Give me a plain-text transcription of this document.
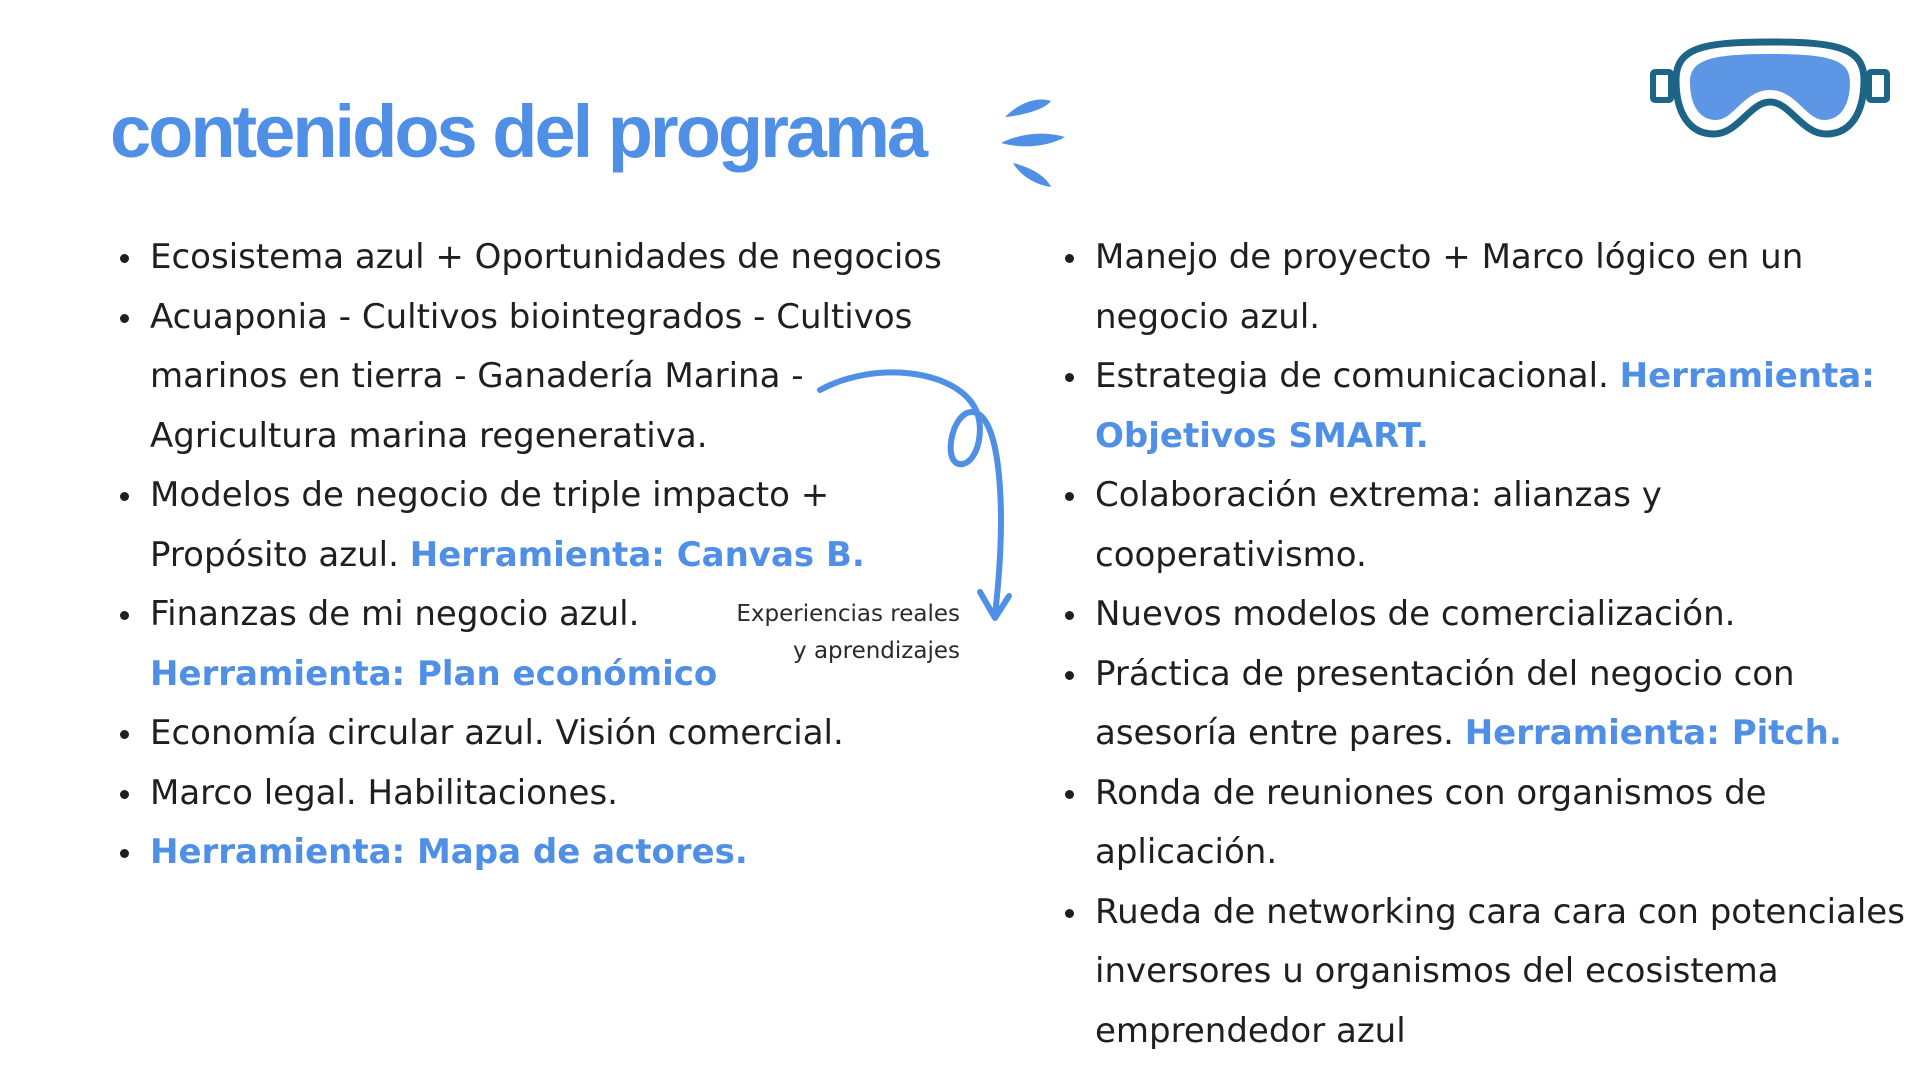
contenidos del programa
Ecosistema azul + Oportunidades de negocios
Acuaponia - Cultivos biointegrados - Cultivos marinos en tierra - Ganadería Marina - Agricultura marina regenerativa.
Modelos de negocio de triple impacto + Propósito azul. Herramienta: Canvas B.
Finanzas de mi negocio azul.
Herramienta: Plan económico
Economía circular azul. Visión comercial.
Marco legal. Habilitaciones.
Herramienta: Mapa de actores.
Experiencias reales
y aprendizajes
Manejo de proyecto + Marco lógico en un negocio azul.
Estrategia de comunicacional. Herramienta: Objetivos SMART.
Colaboración extrema: alianzas y cooperativismo.
Nuevos modelos de comercialización.
Práctica de presentación del negocio con asesoría entre pares. Herramienta: Pitch.
Ronda de reuniones con organismos de aplicación.
Rueda de networking cara cara con potenciales inversores u organismos del ecosistema emprendedor azul
